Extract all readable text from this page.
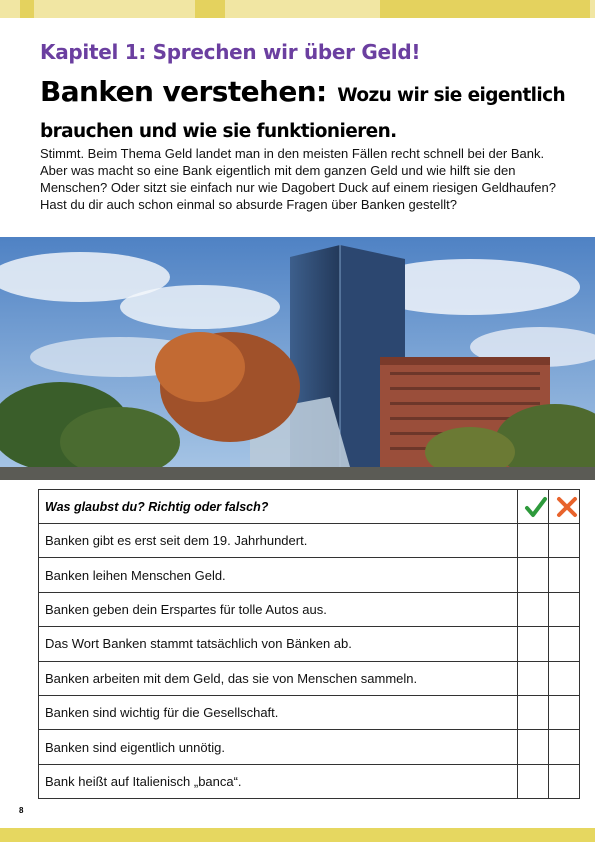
Kapitel 1: Sprechen wir über Geld!
Banken verstehen: Wozu wir sie eigentlich brauchen und wie sie funktionieren.

Stimmt. Beim Thema Geld landet man in den meisten Fällen recht schnell bei der Bank. Aber was macht so eine Bank eigentlich mit dem ganzen Geld und wie hilft sie den Menschen? Oder sitzt sie einfach nur wie Dagobert Duck auf einem riesigen Geldhaufen? Hast du dir auch schon einmal so absurde Fragen über Banken gestellt?

Was glaubst du? Richtig oder falsch?	

Banken gibt es erst seit dem 19. Jahrhundert.		
Banken leihen Menschen Geld.		
Banken geben dein Erspartes für tolle Autos aus.		
Das Wort Banken stammt tatsächlich von Bänken ab.		
Banken arbeiten mit dem Geld, das sie von Menschen sammeln.		
Banken sind wichtig für die Gesellschaft.		
Banken sind eigentlich unnötig.		
Bank heißt auf Italienisch „banca“.		
8
